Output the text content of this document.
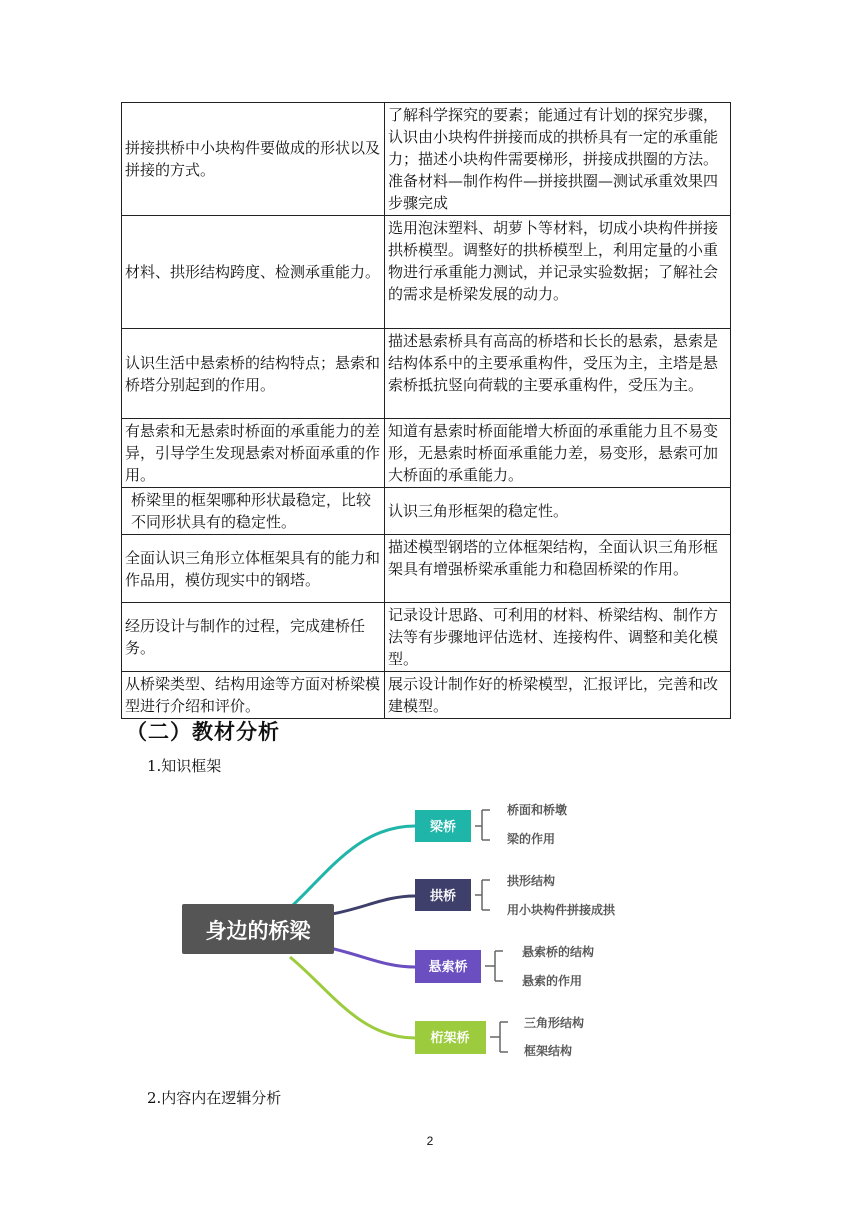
拼接拱桥中小块构件要做成的形状以及拼接的方式。	了解科学探究的要素；能通过有计划的探究步骤，认识由小块构件拼接而成的拱桥具有一定的承重能力；描述小块构件需要梯形，拼接成拱圈的方法。准备材料—制作构件—拼接拱圈—测试承重效果四步骤完成
材料、拱形结构跨度、检测承重能力。	选用泡沫塑料、胡萝卜等材料，切成小块构件拼接拱桥模型。调整好的拱桥模型上，利用定量的小重物进行承重能力测试，并记录实验数据；了解社会的需求是桥梁发展的动力。
认识生活中悬索桥的结构特点；悬索和桥塔分别起到的作用。	描述悬索桥具有高高的桥塔和长长的悬索，悬索是结构体系中的主要承重构件，受压为主，主塔是悬索桥抵抗竖向荷载的主要承重构件，受压为主。
有悬索和无悬索时桥面的承重能力的差异，引导学生发现悬索对桥面承重的作用。	知道有悬索时桥面能增大桥面的承重能力且不易变形，无悬索时桥面承重能力差，易变形，悬索可加大桥面的承重能力。
桥梁里的框架哪种形状最稳定，比较不同形状具有的稳定性。	认识三角形框架的稳定性。
全面认识三角形立体框架具有的能力和作品用，模仿现实中的钢塔。	描述模型钢塔的立体框架结构，全面认识三角形框架具有增强桥梁承重能力和稳固桥梁的作用。
经历设计与制作的过程，完成建桥任务。	记录设计思路、可利用的材料、桥梁结构、制作方法等有步骤地评估选材、连接构件、调整和美化模型。
从桥梁类型、结构用途等方面对桥梁模型进行介绍和评价。	展示设计制作好的桥梁模型，汇报评比，完善和改建模型。
（二）教材分析
1.知识框架
身边的桥梁
梁桥
桥面和桥墩
梁的作用
拱桥
拱形结构
用小块构件拼接成拱
悬索桥
悬索桥的结构
悬索的作用
桁架桥
三角形结构
框架结构
2.内容内在逻辑分析
2
